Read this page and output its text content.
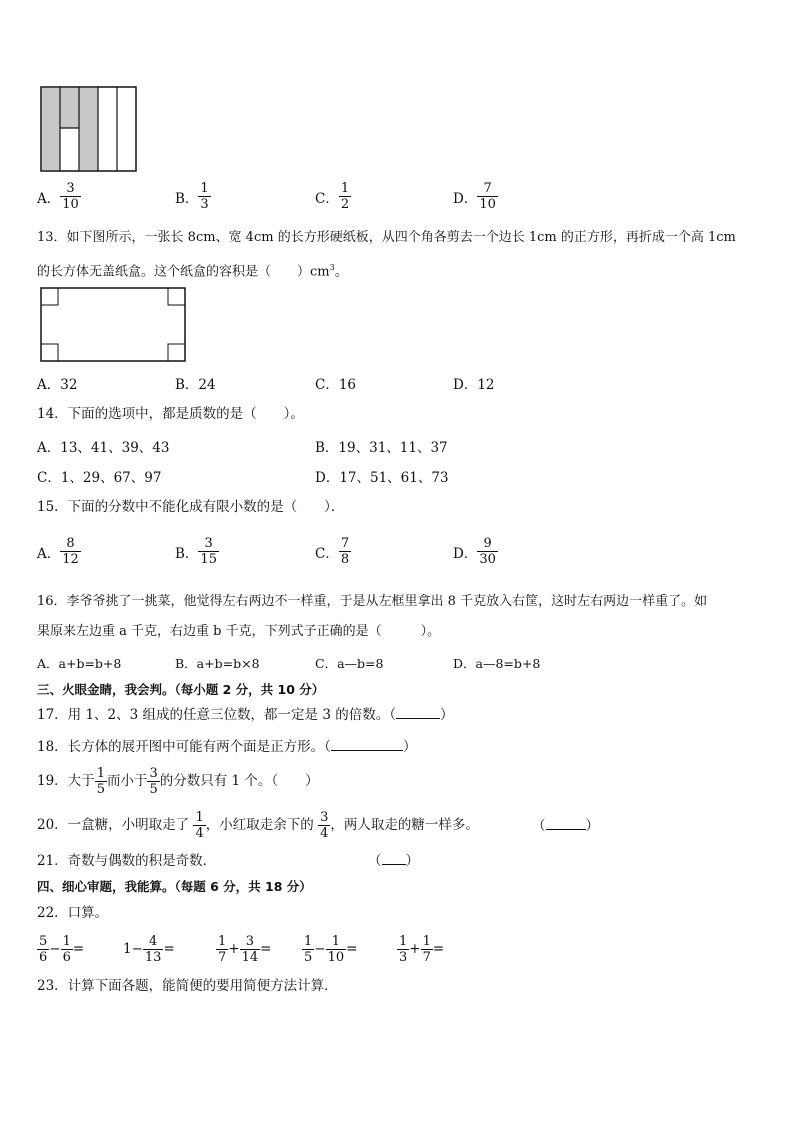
A． $\frac{3}{10}$	B． $\frac{1}{3}$	C． $\frac{1}{2}$	D． $\frac{7}{10}$
13．如下图所示，一张长 8cm、宽 4cm 的长方形硬纸板，从四个角各剪去一个边长 1cm 的正方形，再折成一个高 1cm
的长方体无盖纸盒。这个纸盒的容积是（　　）$cm^3$。
A．32	B．24	C．16	D．12
14．下面的选项中，都是质数的是（　　）。
A．13、41、39、43	B．19、31、11、37
C．1、29、67、97	D．17、51、61、73
15．下面的分数中不能化成有限小数的是（　　）．
A． $\frac{8}{12}$	B． $\frac{3}{15}$	C． $\frac{7}{8}$	D． $\frac{9}{30}$
16．李爷爷挑了一挑菜，他觉得左右两边不一样重，于是从左框里拿出 8 千克放入右筐，这时左右两边一样重了。如
果原来左边重 a 千克，右边重 b 千克，下列式子正确的是（　　　）。
A．a+b=b+8	B．a+b=b×8	C．a—b=8	D．a—8=b+8
三、火眼金睛，我会判。（每小题 2 分，共 10 分）
17．用 1、2、3 组成的任意三位数，都一定是 3 的倍数。（	）
18．长方体的展开图中可能有两个面是正方形。（	）
19．大于 $\frac{1}{5}$ 而小于 $\frac{3}{5}$ 的分数只有 1 个。（　　）
20．一盒糖，小明取走了 $\frac{1}{4}$ ，小红取走余下的 $\frac{3}{4}$ ，两人取走的糖一样多。	（	）
21．奇数与偶数的积是奇数．	（ ）
四、细心审题，我能算。（每题 6 分，共 18 分）
22．口算。
$\frac{5}{6} - \frac{1}{6}$ =	$1- \frac{4}{13}$ =	$\frac{1}{7} + \frac{3}{14} = \frac{1}{5} - \frac{1}{10}$ =	$\frac{1}{3} + \frac{1}{7}$ =
23．计算下面各题，能简便的要用简便方法计算．
